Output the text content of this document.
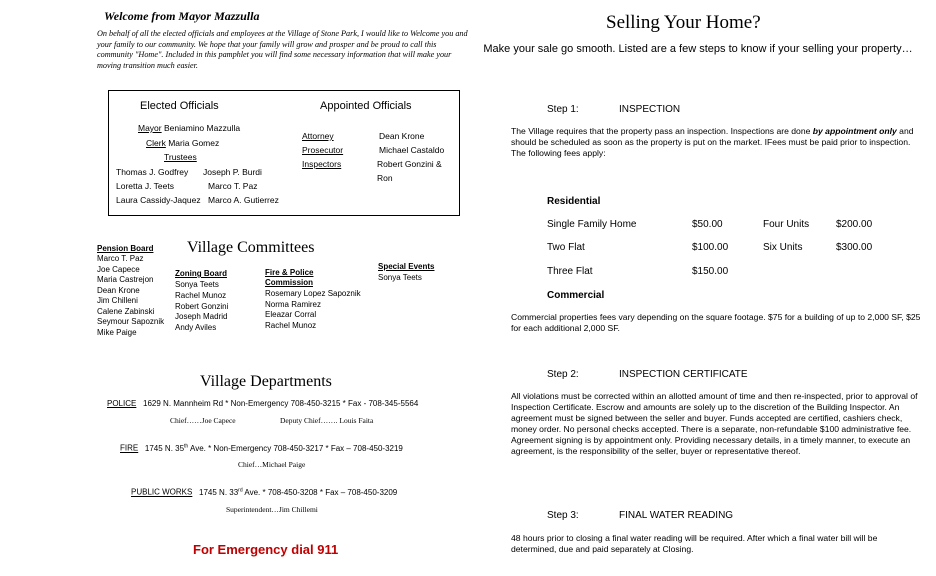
Welcome from Mayor Mazzulla
On behalf of all the elected officials and employees at the Village of Stone Park, I would like to Welcome you and your family to our community. We hope that your family will grow and prosper and be proud to call this community "Home". Included in this pamphlet you will find some necessary information that will make your moving transition much easier.
Elected Officials	Appointed Officials
Mayor Beniamino Mazzulla
Clerk Maria Gomez
Trustees
Thomas J. Godfrey Joseph P. Burdi
Loretta J. Teets	Marco T. Paz
Laura Cassidy-Jaquez Marco A. Gutierrez
Attorney	Dean Krone
Prosecutor	Michael Castaldo
Inspectors	Robert Gonzini &
Ron
Village Committees
Pension Board
Marco T. Paz
Joe Capece
Maria Castrejon
Dean Krone
Jim Chilleni
Calene Zabinski
Seymour Sapoznik
Mike Paige
Zoning Board
Sonya Teets
Rachel Munoz
Robert Gonzini
Joseph Madrid
Andy Aviles
Fire & Police
Commission
Rosemary Lopez Sapoznik
Norma Ramirez
Eleazar Corral
Rachel Munoz
Special Events
Sonya Teets
Village Departments
POLICE 1629 N. Mannheim Rd * Non-Emergency 708-450-3215 * Fax - 708-345-5564
Chief……Joe Capece	Deputy Chief……. Louis Faita
FIRE 1745 N. 35th Ave. * Non-Emergency 708-450-3217 * Fax – 708-450-3219
Chief…Michael Paige
PUBLIC WORKS 1745 N. 33rd Ave. * 708-450-3208 * Fax – 708-450-3209
Superintendent…Jim Chillemi
For Emergency dial 911
Selling Your Home?
Make your sale go smooth. Listed are a few steps to know if your selling your property…
Step 1:	INSPECTION
The Village requires that the property pass an inspection. Inspections are done by appointment only and should be scheduled as soon as the property is put on the market. IFees must be paid prior to inspection. The following fees apply:
Residential
Single Family Home	$50.00	Four Units	$200.00
Two Flat	$100.00	Six Units	$300.00
Three Flat	$150.00
Commercial
Commercial properties fees vary depending on the square footage. $75 for a building of up to 2,000 SF, $25 for each additional 2,000 SF.
Step 2:	INSPECTION CERTIFICATE
All violations must be corrected within an allotted amount of time and then re-inspected, prior to approval of Inspection Certificate. Escrow and amounts are solely up to the discretion of the Building Inspector. An agreement must be signed between the seller and buyer. Funds accepted are certified, cashiers check, money order. No personal checks accepted. There is a separate, non-refundable $100 administrative fee. Agreement signing is by appointment only. Providing necessary details, in a timely manner, to execute an agreement, is the responsibility of the seller, buyer or representative thereof.
Step 3:	FINAL WATER READING
48 hours prior to closing a final water reading will be required. After which a final water bill will be determined, due and paid separately at Closing.
